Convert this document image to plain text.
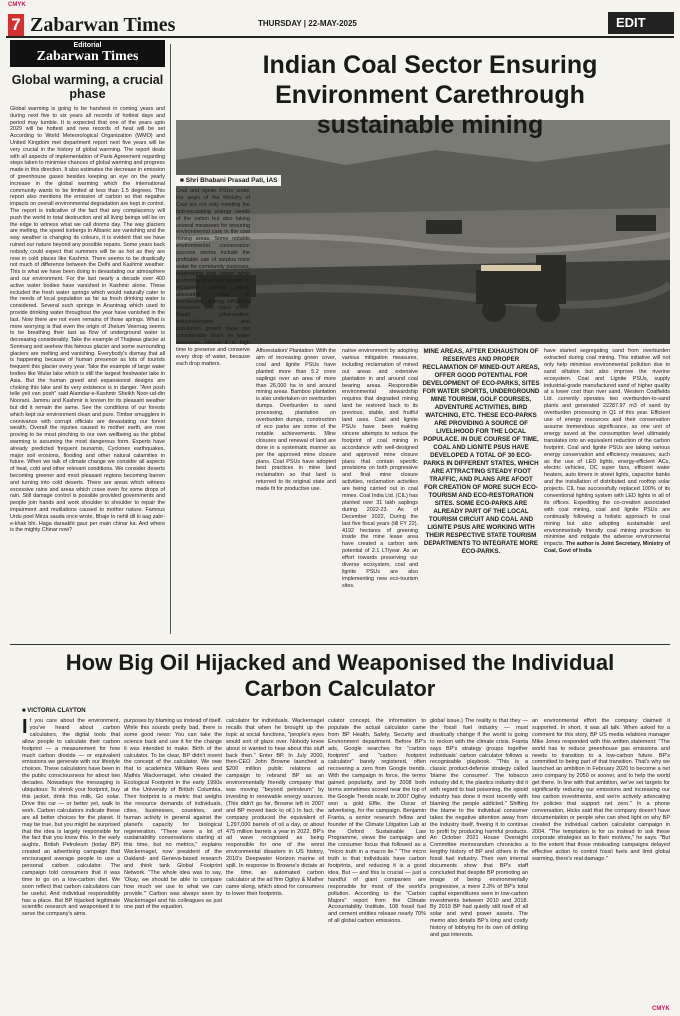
CMYK
CMYK
7 Zabarwan Times	THURSDAY | 22-MAY-2025	EDIT
Editorial
Zabarwan Times
Global warming, a crucial phase
Global warming is going to be harshest in coming years and during next five to six years all records of hottest days and period may tumble. It is expected that one of the years upto 2029 will be hottest and new records of heat will be set According to World Meteorological Organization (WMO) and United Kingdom met department report next five years will be very crucial in the history of global warming. The report deals with all aspects of implementation of Paris Agreement regarding steps taken to minimise chances of global warming and progress made in this direction. It also estimates the decrease in emission of greenhouse gases besides keeping an eye on the yearly increase in the global warming which the international community wants to be limited at less than 1.5 degrees. This report also mentions the emission of carbon so that negative impacts on overall environmental degradation are kept in control. The report is indicative of the fact that any complacency will push the world in total destruction and all living beings will be on the edge to witness what we call dooms day. The way glaciers are melting, the speed icebergs in Albanic are vanishing and the way weather is changing its colours, it is evident that we have ruined our nature beyond any possible repairs. Some years back nobody could expect that summers will be as hot as they are now in cold places like Kashmir. There seems to be drastically not much of difference between the Delhi and Kashmir weather. This is what we have been doing in devastating our atmosphere and our environment. For the last nearly a decade over 400 active water bodies have vanished in Kashmir alone. These included the fresh water springs which would naturally cater to the needs of local population as far as fresh drinking water is considered. Several such springs in Anantnag which used to provide drinking water throughout the year have vanished in the last. Now there are not even remains of those springs. What is more worrying is that even the origin of Jhelum Veernag seems to be breathing their last as flow of underground water is decreasing considerably. Take the example of Thajiwas glacier at Sonmarg and seehow this famous glacier and some surrounding glaciers are melting and vanishing. Everybody's dismay that all is happening because of human presence as lots of tourists frequent this glacier every year. Take the example of large water bodies like Wular lake which is still the largest freshwater lake in Asia. But the human greed and expansionist designs are choking this lake and its very existence is in danger. "Ann posh telle yeli van posh" said Alamdar-e-Kashmir Sheikh Noor-ud-din Noorani. Jammu and Kashmir is known for its pleasant weather but did it remain the same. See the conditions of our forests which kept our environment clean and pure. Timber smugglers in connivance with corrupt officials are devastating our forest wealth. Overall the injuries caused to mother earth, are now proving to be most pinching to our own wellbeing as the global warming is assuming the most dangerous form. Experts have already predicted frequent tsunamis, Cyclones earthquakes, major soil erosions, flooding and other natural calamities in future. When we talk of climate change we consider all aspects of heat, cold and other relevant conditions. We consider deserts becoming greener and most pleasant regions becoming barren and turning into cold deserts. There are areas which witness excessive rains and areas which crave even for some drops of rain. Still damage control is possible provided governments and people join hands and work shoulder to shoulder to repair the impairment and mutilations caused to mother nature. Famous Urdu poet Mirza sauda once wrote, Bhaje to nehil dil ki aag zabr-e-khak bhi. Haga daraakht gaur per main chinar ka. And where is the mighty Chinar now?
Indian Coal Sector Ensuring Environment Carethrough sustainable mining
■ Shri Bhabani Prasad Pati, IAS
Coal and lignite PSUs under the aegis of the Ministry of Coal are not only meeting the fast-escalating energy needs of the nation but also taking several measures for ensuring environmental care in the coal mining areas. Some notable environmental conservation success stories include the profitable use of surplus mine water for community purposes, maximising tree cover while promoting eco-mine tourism in reclaimed mining areas, alternative uses of overburden, energy efficiency measures and many more. Rapid urbanization, industrialization and population growth have put considerable strain on water resources. Hence it is high time to preserve and conserve every drop of water, because each drop matters.
Afforestation/ Plantation: With the aim of increasing green cover, coal and lignite PSUs have planted more than 5.2 crore saplings over an area of more than 26,000 ha in and around mining areas. Bamboo plantation is also undertaken on overburden dumps. Overburden to sand processing, plantation on overburden dumps, construction of eco parks are some of the notable achievements. Mine closures and renewal of land are done in a systematic manner as per the approved mine closure plans. Coal PSUs have adopted best practices in mine land reclamation so that land is returned to its original state and made fit for productive use.
native environment by adopting various mitigation measures, including reclamation of mined out areas and extensive plantation in and around coal bearing areas. Responsible environmental stewardship requires that degraded mining land be restored back to its previous, stable, and fruitful land uses. Coal and lignite PSUs have been making sincere attempts to reduce the footprint of coal mining in accordance with well-designed and approved mine closure plans that contain specific provisions on both progressive and final mine closure activities, reclamation activities are being carried out in coal mines. Coal India Ltd. (CIL) has planted over 31 lakh saplings during 2022-23. As of December 2022, During the last five fiscal years (till FY 22), 4192 hectares of greening inside the mine lease area have created a carbon sink potential of 2.1 LT/year. As an effort towards preserving our diverse ecosystem, coal and lignite PSUs are also implementing new eco-tourism sites.
MINE AREAS, AFTER EXHAUSTION OF RESERVES AND PROPER RECLAMATION OF MINED-OUT AREAS, OFFER GOOD POTENTIAL FOR DEVELOPMENT OF ECO-PARKS, SITES FOR WATER SPORTS, UNDERGROUND MINE TOURISM, GOLF COURSES, ADVENTURE ACTIVITIES, BIRD WATCHING, ETC. THESE ECO-PARKS ARE PROVIDING A SOURCE OF LIVELIHOOD FOR THE LOCAL POPULACE. IN DUE COURSE OF TIME, COAL AND LIGNITE PSUS HAVE DEVELOPED A TOTAL OF 30 ECO-PARKS IN DIFFERENT STATES, WHICH ARE ATTRACTING STEADY FOOT TRAFFIC, AND PLANS ARE AFOOT FOR CREATION OF MORE SUCH ECO-TOURISM AND ECO-RESTORATION SITES. SOME ECO-PARKS ARE ALREADY PART OF THE LOCAL TOURISM CIRCUIT AND COAL AND LIGNITE PSUS ARE WORKING WITH THEIR RESPECTIVE STATE TOURISM DEPARTMENTS TO INTEGRATE MORE ECO-PARKS.
have started segregating sand from overburden extracted during coal mining. This initiative will not only help minimise environmental pollution due to sand siltation but also improve the riverine ecosystem. Coal and Lignite PSUs, supply industrial-grade manufactured sand of higher quality at a lower cost than river sand. Western Coalfields Ltd. currently operates two overburden-to-sand plants and generated 22287.97 m3 of sand by overburden processing in Q1 of this year. Efficient use of energy resources and their conservation assume tremendous significance, as one unit of energy saved at the consumption level ultimately translates into an equivalent reduction of the carbon footprint. Coal and lignite PSUs are taking various energy conservation and efficiency measures, such as the use of LED lights, energy-efficient ACs, electric vehicles, DC super fans, efficient water heaters, auto timers in street lights, capacitor banks and the installation of distributed and rooftop solar projects. CIL has successfully replaced 100% of its conventional lighting system with LED lights in all of its offices. Expediting the co-creation associated with coal mining, coal and lignite PSUs are continually following a holistic approach to coal mining but also adopting sustainable and environmentally friendly coal mining practices to minimise and mitigate the adverse environmental impacts. The author is Joint Secretary, Ministry of Coal, Govt of India
How Big Oil Hijacked and Weaponised the Individual Carbon Calculator
■ VICTORIA CLAYTON
If you care about the environment, you've heard about carbon calculators, the digital tools that allow people to calculate their carbon footprint — a measurement for how much carbon dioxide — or equivalent emissions we generate with our lifestyle choices. These calculators have been in the public consciousness for about two decades. Nowadays the messaging is ubiquitous: To shrink your footprint, buy this jacket, drink this milk, Go solar. Drive this car — or better yet, walk to work. Carbon calculators indicate these are all better choices for the planet. It may be true, but you might be surprised that the idea is largely responsible for the fact that you know this. In the early aughts, British Petroleum (today BP) created an advertising campaign that encouraged average people to use a personal carbon calculator. The campaign told consumers that it was time to go on a low-carbon diet. We soon reflect that carbon calculators can be useful. And individual responsibility has a place. But BP hijacked legitimate scientific research and weaponised it to serve the company's aims.
purposes by blaming us instead of itself. While this sounds pretty bad, there is some good news: You can take the science back and use it for the change it was intended to make. Birth of the calculator. To be clear, BP didn't invent the concept of the calculator. We owe that to academics William Rees and Mathis Wackernagel, who created the Ecological Footprint in the early 1990s at the University of British Columbia. Their footprint is a metric that weighs the resource demands of individuals, cities, businesses, countries, and human activity in general against the planet's capacity for biological regeneration. "There were a lot of sustainability conversations starting at this time, but no metrics," explains Wackernagel, now president of the Oakland- and Geneva-based research and think tank Global Footprint Network. "The whole idea was to say, 'Okay, we should be able to compare how much we use to what we can provide.'" Carbon was always seen by Wackernagel and his colleagues as just one part of the equation.
calculator for individuals. Wackernagel recalls that when he brought up the topic at social functions, "people's eyes would sort of glaze over. Nobody knew about or wanted to hear about this stuff back then." Enter BP. In July 2000, then-CEO John Browne launched a $200 million public relations ad campaign to rebrand BP as an environmentally friendly company that was moving "beyond petroleum" by investing in renewable energy sources. (This didn't go far, Browne left in 2007 and BP moved back to oil.) In fact, the company produced the equivalent of 1,297,000 barrels of oil a day, or about 475 million barrels a year in 2022. BP's ad wave recognised as being responsible for one of the worst environmental disasters in US history, 2010's Deepwater Horizon marine oil spill. In response to Browne's dictate at the time, an automated carbon calculator at the ad firm Ogilvy & Mather came along, which stood for consumers to lower their footprints.
culator concept, the information to populate the actual calculator came from BP Health, Safety, Security and Environment department. Before BP's ads, Google searches for "carbon footprint" and "carbon footprint calculator" barely registered, often recovering a zero from Google trends. With the campaign in force, the terms gained popularity, and by 2008 both terms sometimes scored near the top of the Google Trends scale, in 2007 Ogilvy won a gold Effie, the Oscar of advertising, for the campaign. Benjamin Franta, a senior research fellow and founder of the Climate Litigation Lab at the Oxford Sustainable Law Programme, views the campaign and the consumer focus that followed as a "micro truth in a macro lie." "The micro truth is that individuals have carbon footprints, and reducing it is a good idea. But — and this is crucial — just a handful of giant companies are responsible for most of the world's pollution. According to the "Carbon Majors" report from the Climate Accountability Institute, 108 fossil fuel and cement entities release nearly 70% of all global carbon emissions.
global issue.) The reality is that they — the fossil fuel industry — must drastically change if the world is going to reckon with the climate crisis. Franta says BP's strategy groups together individuals' carbon calculator follows a recognisable playbook. "This is a classic product-defense strategy called 'blame the consumer'. The tobacco industry did it, the plastics industry did it with regard to bad poisoning, the opioid industry has done it most recently with blaming the people addicted." Shifting the blame to the individual consumer takes the negative attention away from the industry itself, freeing it to continue to profit by producing harmful products. An October 2021 House Oversight Committee memorandum chronicles a lengthy history of BP and others in the fossil fuel industry. Their own internal documents show that BP's staff concluded that despite BP promoting an image of being environmentally progressive, a mere 2.3% of BP's total capital expenditures were in low-carbon investments between 2010 and 2018. By 2019 BP had quietly still itself of all solar and wind power assets. The memo also details BP's long and costly history of lobbying for its own oil drilling and gas interests.
an environmental effort the company claimed it supported. In short, it was all talk. When asked for a comment for this story, BP US media relations manager Mike Jones responded with this written statement: "The world has to reduce greenhouse gas emissions and needs to transition to a low-carbon future. BP's committed to being part of that transition. That's why we launched an ambition in February 2020 to become a net zero company by 2050 or sooner, and to help the world get there. In line with that ambition, we've set targets for significantly reducing our emissions and increasing our low carbon investments, and we're actively advocating for policies that support net zero." In a phone conversation, Hicks said that the company doesn't have documentation or people who can shed light on why BP created the individual carbon calculator campaign in 2004. "The temptation is for us instead to ask these corporate strategies as to their motives," he says. "But to the extent that those misleading campaigns delayed effective action to control fossil fuels and limit global warming, there's real damage."
